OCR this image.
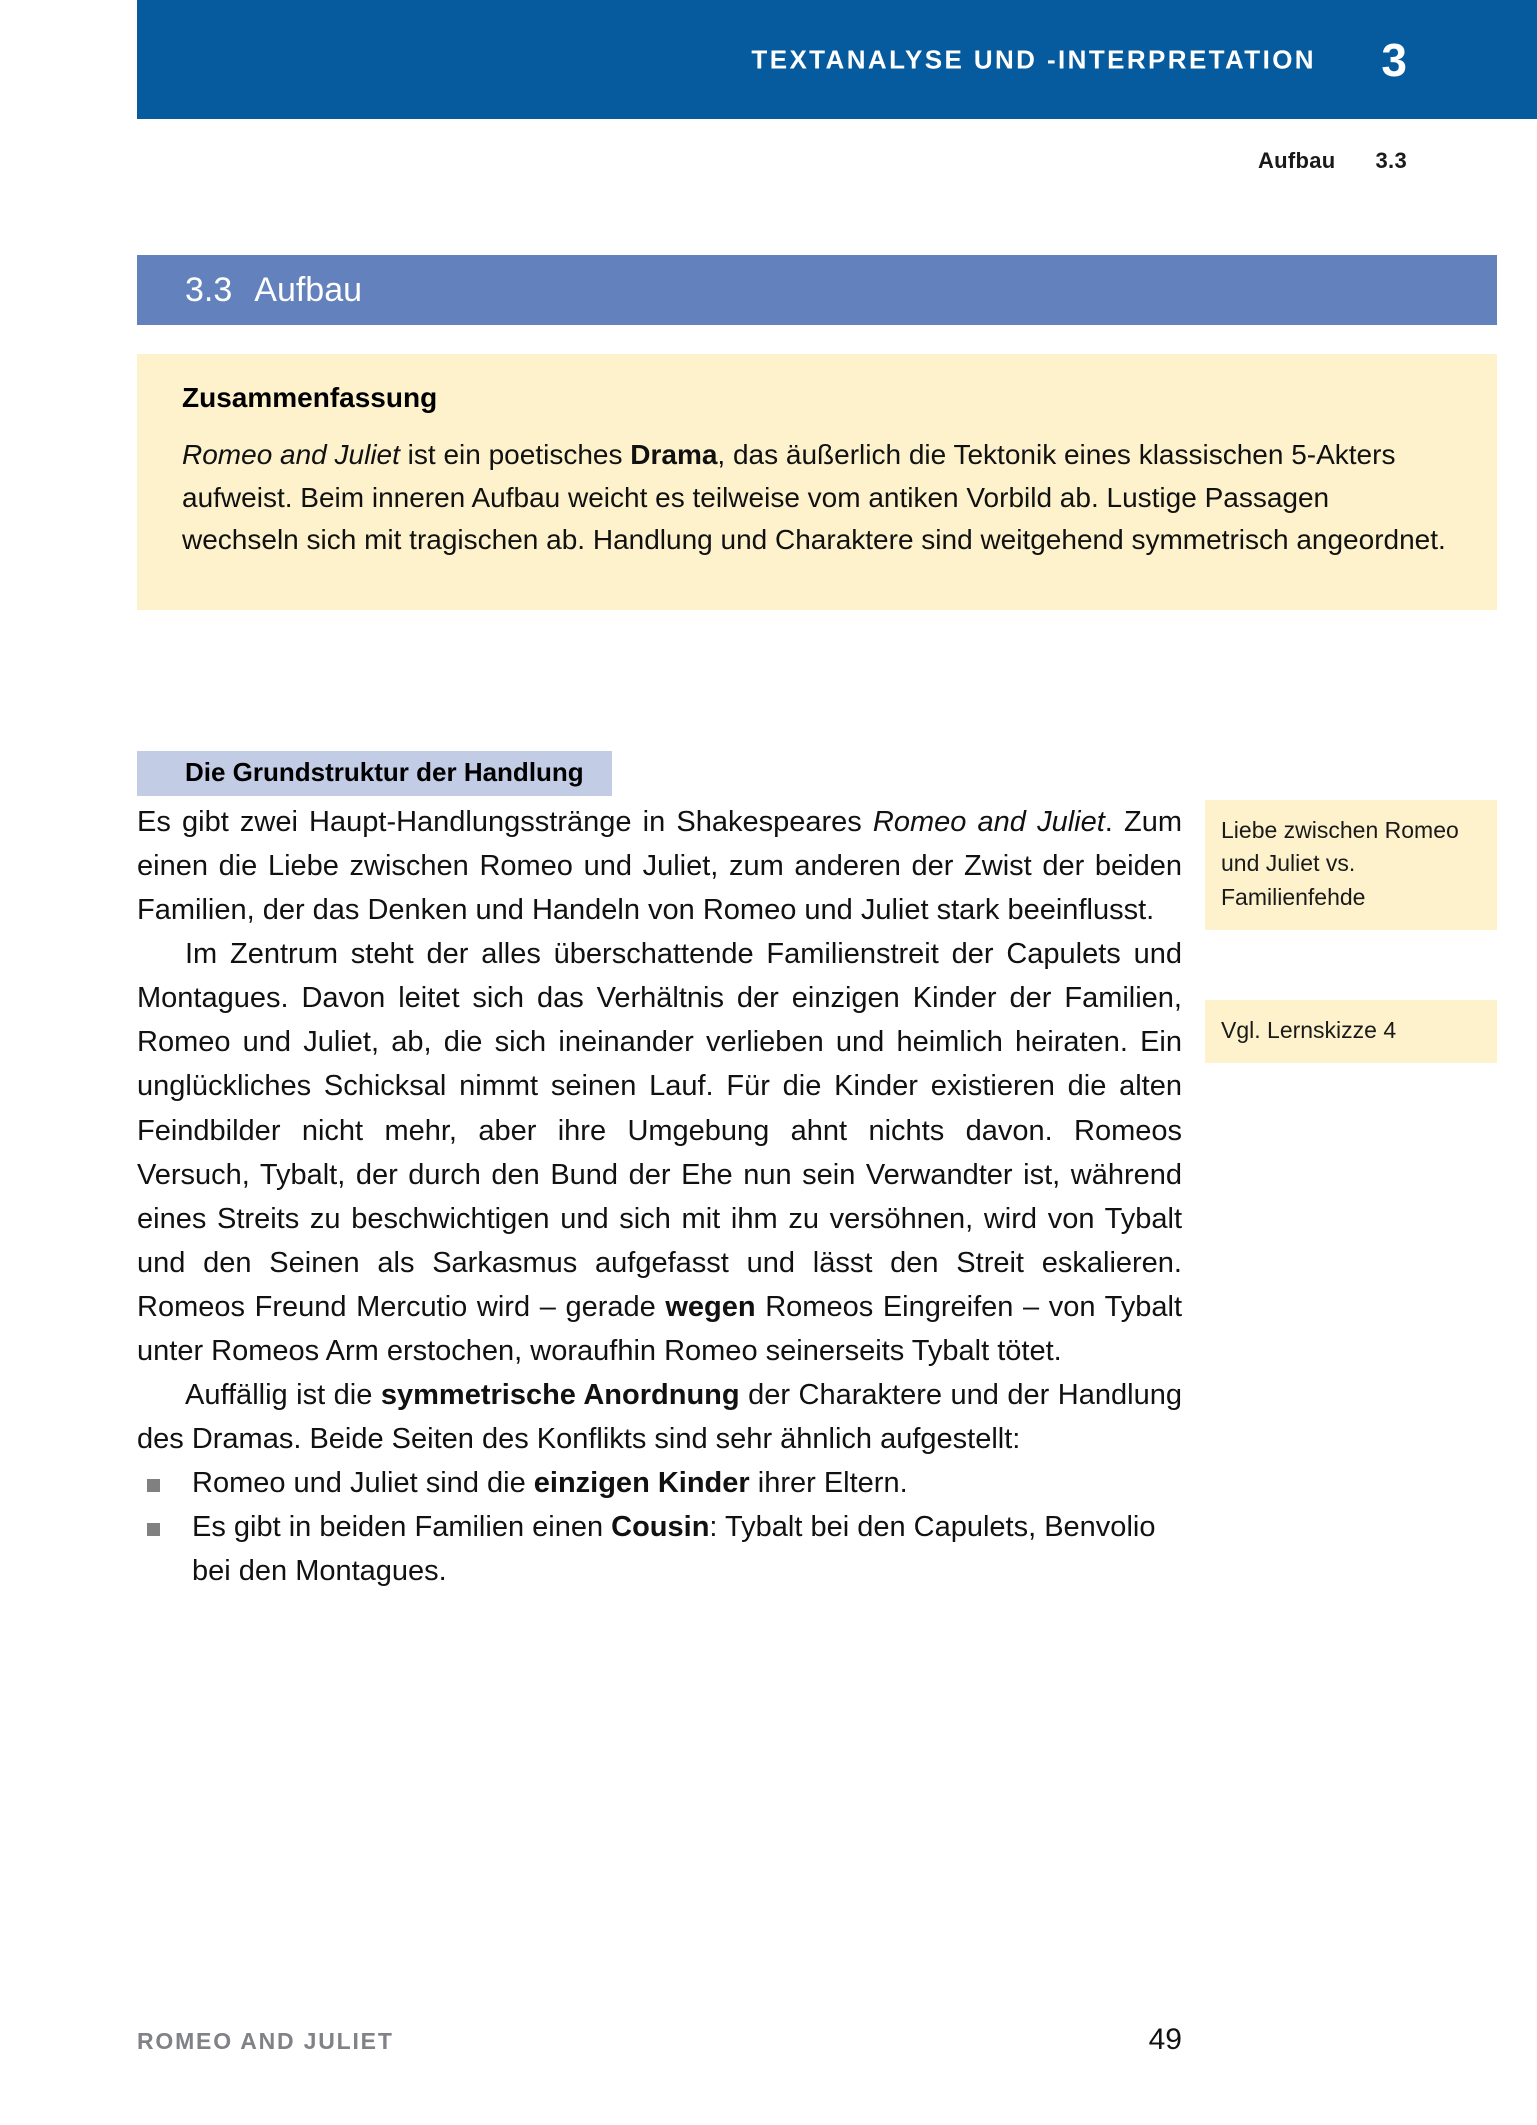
TEXTANALYSE UND -INTERPRETATION 3
Aufbau 3.3
3.3 Aufbau
Zusammenfassung

Romeo and Juliet ist ein poetisches Drama, das äußerlich die Tektonik eines klassischen 5-Akters aufweist. Beim inneren Aufbau weicht es teilweise vom antiken Vorbild ab. Lustige Passagen wechseln sich mit tragischen ab. Handlung und Charaktere sind weitgehend symmetrisch angeordnet.

Die Grundstruktur der Handlung

Es gibt zwei Haupt-Handlungsstränge in Shakespeares Romeo and Juliet. Zum einen die Liebe zwischen Romeo und Juliet, zum anderen der Zwist der beiden Familien, der das Denken und Handeln von Romeo und Juliet stark beeinflusst.

Im Zentrum steht der alles überschattende Familienstreit der Capulets und Montagues. Davon leitet sich das Verhältnis der einzigen Kinder der Familien, Romeo und Juliet, ab, die sich ineinander verlieben und heimlich heiraten. Ein unglückliches Schicksal nimmt seinen Lauf. Für die Kinder existieren die alten Feindbilder nicht mehr, aber ihre Umgebung ahnt nichts davon. Romeos Versuch, Tybalt, der durch den Bund der Ehe nun sein Verwandter ist, während eines Streits zu beschwichtigen und sich mit ihm zu versöhnen, wird von Tybalt und den Seinen als Sarkasmus aufgefasst und lässt den Streit eskalieren. Romeos Freund Mercutio wird – gerade wegen Romeos Eingreifen – von Tybalt unter Romeos Arm erstochen, woraufhin Romeo seinerseits Tybalt tötet.

Auffällig ist die symmetrische Anordnung der Charaktere und der Handlung des Dramas. Beide Seiten des Konflikts sind sehr ähnlich aufgestellt:

Romeo und Juliet sind die einzigen Kinder ihrer Eltern.
Es gibt in beiden Familien einen Cousin: Tybalt bei den Capulets, Benvolio bei den Montagues.
Liebe zwischen Romeo und Juliet vs. Familienfehde
Vgl. Lernskizze 4
ROMEO AND JULIET	49
